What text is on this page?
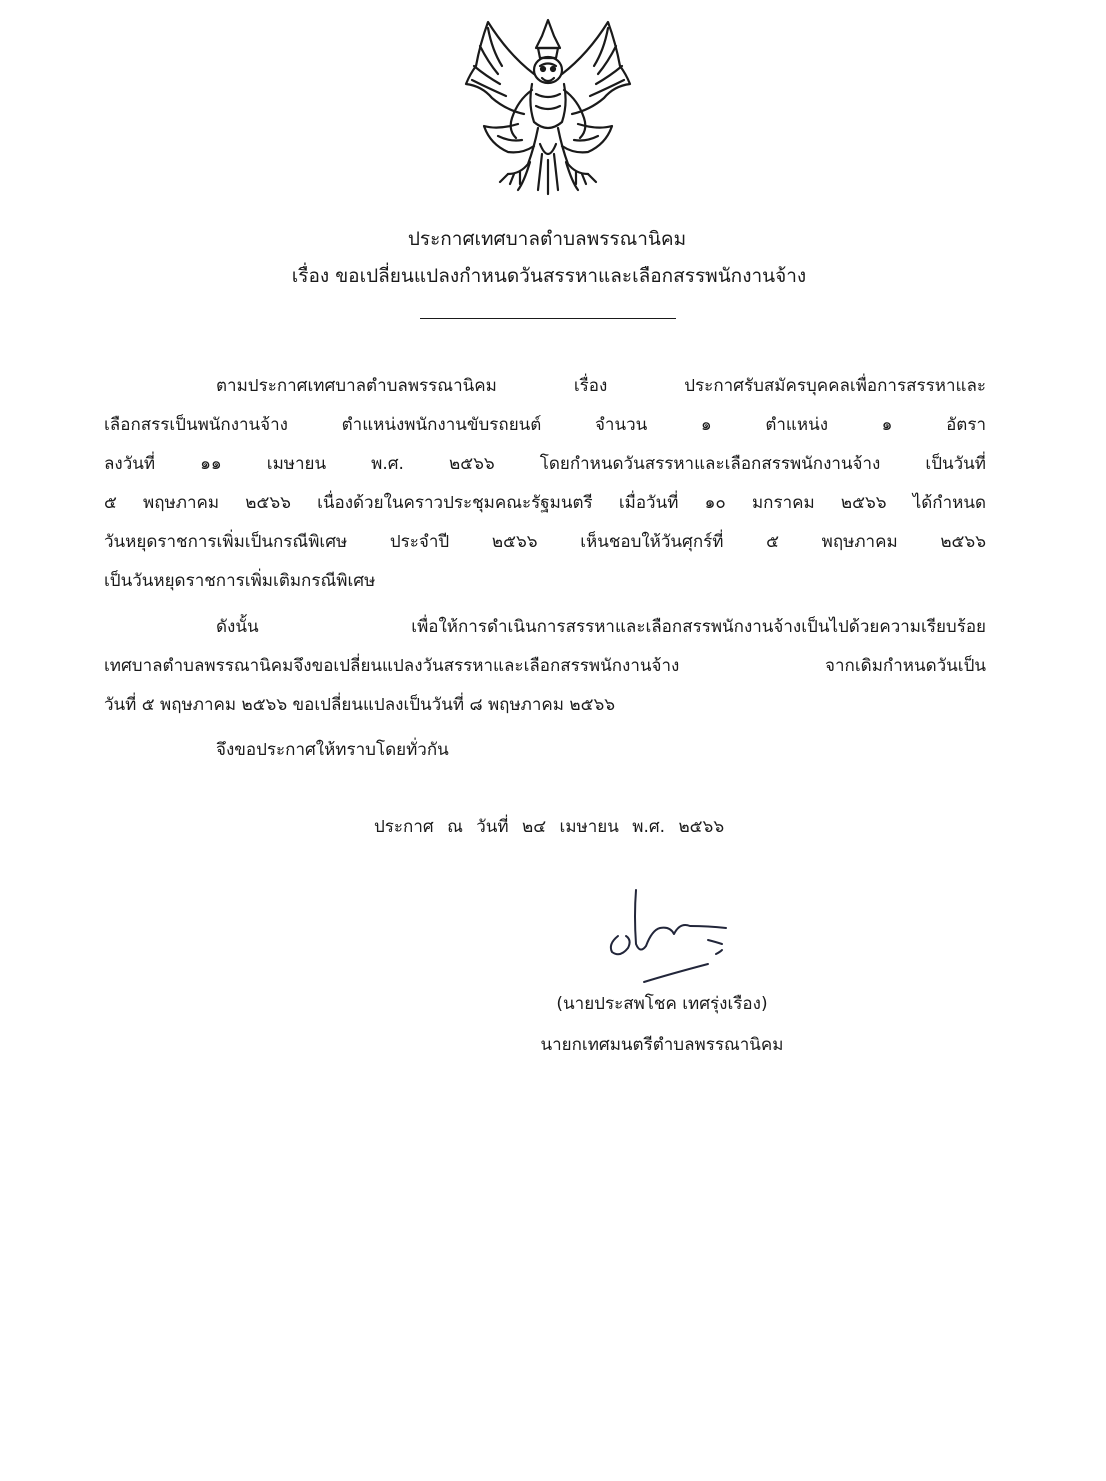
ประกาศเทศบาลตำบลพรรณานิคม
เรื่อง ขอเปลี่ยนแปลงกำหนดวันสรรหาและเลือกสรรพนักงานจ้าง
ตามประกาศเทศบาลตำบลพรรณานิคม เรื่อง ประกาศรับสมัครบุคคลเพื่อการสรรหาและ
เลือกสรรเป็นพนักงานจ้าง ตำแหน่งพนักงานขับรถยนต์ จำนวน ๑ ตำแหน่ง ๑ อัตรา
ลงวันที่ ๑๑ เมษายน พ.ศ. ๒๕๖๖ โดยกำหนดวันสรรหาและเลือกสรรพนักงานจ้าง เป็นวันที่
๕ พฤษภาคม ๒๕๖๖ เนื่องด้วยในคราวประชุมคณะรัฐมนตรี เมื่อวันที่ ๑๐ มกราคม ๒๕๖๖ ได้กำหนด
วันหยุดราชการเพิ่มเป็นกรณีพิเศษ ประจำปี ๒๕๖๖ เห็นชอบให้วันศุกร์ที่ ๕ พฤษภาคม ๒๕๖๖
เป็นวันหยุดราชการเพิ่มเติมกรณีพิเศษ
ดังนั้น เพื่อให้การดำเนินการสรรหาและเลือกสรรพนักงานจ้างเป็นไปด้วยความเรียบร้อย
เทศบาลตำบลพรรณานิคมจึงขอเปลี่ยนแปลงวันสรรหาและเลือกสรรพนักงานจ้าง จากเดิมกำหนดวันเป็น
วันที่ ๕ พฤษภาคม ๒๕๖๖ ขอเปลี่ยนแปลงเป็นวันที่ ๘ พฤษภาคม ๒๕๖๖
จึงขอประกาศให้ทราบโดยทั่วกัน
ประกาศ ณ วันที่ ๒๔ เมษายน พ.ศ. ๒๕๖๖
(นายประสพโชค เทศรุ่งเรือง)
นายกเทศมนตรีตำบลพรรณานิคม
